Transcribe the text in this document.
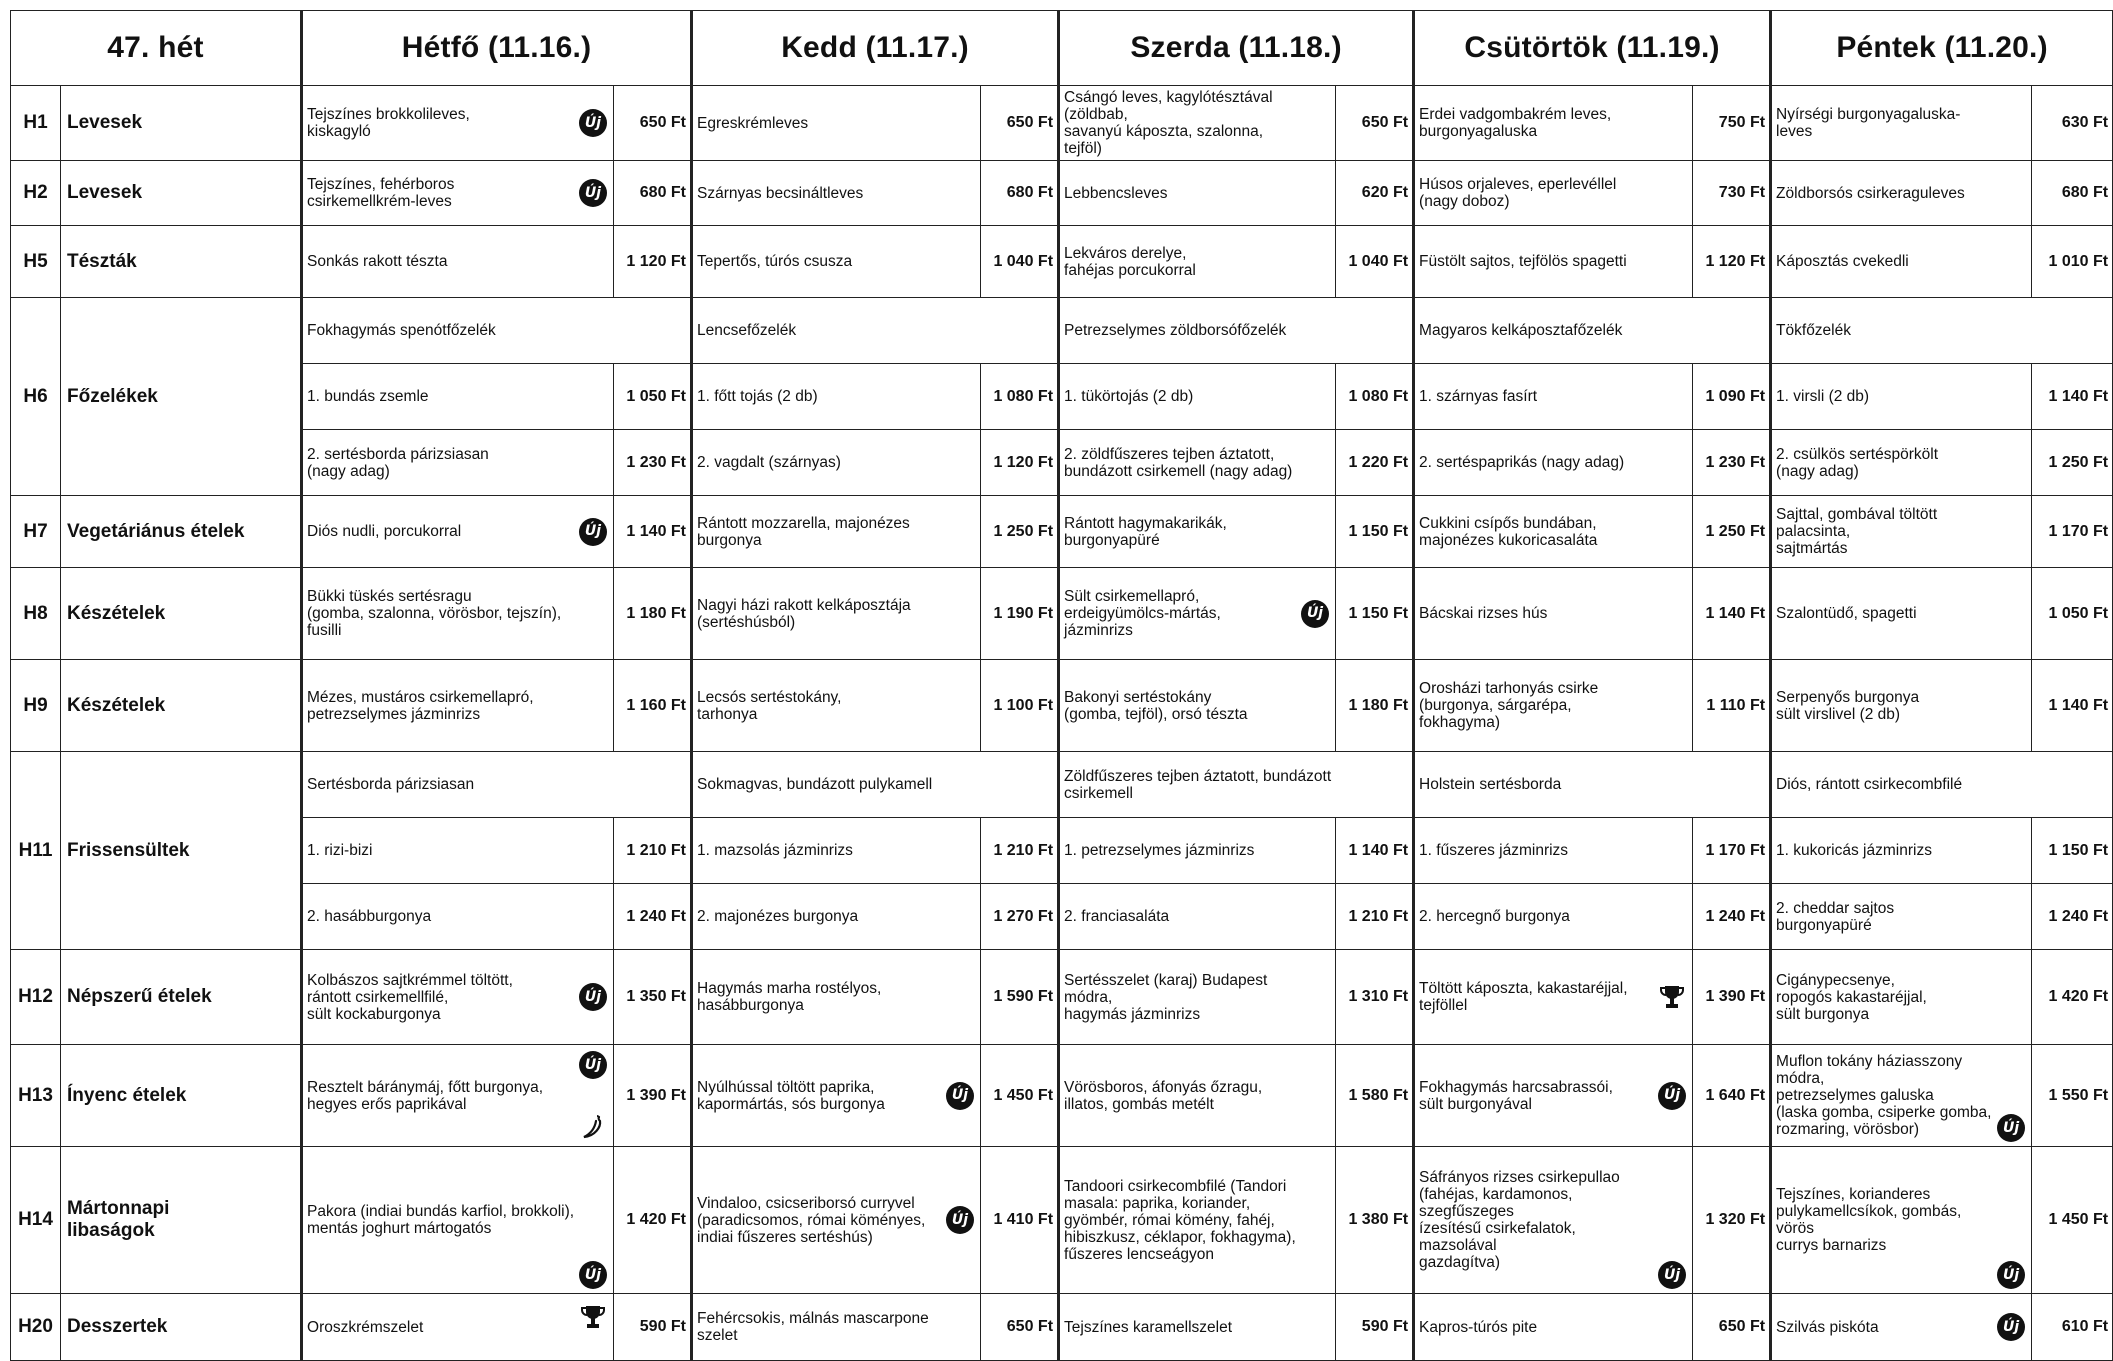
47. hét		Hétfő (11.16.)		Kedd (11.17.)		Szerda (11.18.)		Csütörtök (11.19.)		Péntek (11.20.)	
H1	Levesek	Tejszínes brokkolileves,
kiskagyló
Új	650 Ft	Egreskrémleves	650 Ft	Csángó leves, kagylótésztával (zöldbab,
savanyú káposzta, szalonna, tejföl)	650 Ft	Erdei vadgombakrém leves,
burgonyagaluska	750 Ft	Nyírségi burgonyagaluska-leves	630 Ft
H2	Levesek	Tejszínes, fehérboros
csirkemellkrém-leves
Új	680 Ft	Szárnyas becsináltleves	680 Ft	Lebbencsleves	620 Ft	Húsos orjaleves, eperlevéllel
(nagy doboz)	730 Ft	Zöldborsós csirkeraguleves	680 Ft
H5	Tészták	Sonkás rakott tészta	1 120 Ft	Tepertős, túrós csusza	1 040 Ft	Lekváros derelye,
fahéjas porcukorral	1 040 Ft	Füstölt sajtos, tejfölös spagetti	1 120 Ft	Káposztás cvekedli	1 010 Ft
H6	Főzelékek	Fokhagymás spenótfőzelék		Lencsefőzelék		Petrezselymes zöldborsófőzelék		Magyaros kelkáposztafőzelék		Tökfőzelék	

		1. bundás zsemle	1 050 Ft	1. főtt tojás (2 db)	1 080 Ft	1. tükörtojás (2 db)	1 080 Ft	1. szárnyas fasírt	1 090 Ft	1. virsli (2 db)	1 140 Ft

		2. sertésborda párizsiasan
(nagy adag)	1 230 Ft	2. vagdalt (szárnyas)	1 120 Ft	2. zöldfűszeres tejben áztatott,
bundázott csirkemell (nagy adag)	1 220 Ft	2. sertéspaprikás (nagy adag)	1 230 Ft	2. csülkös sertéspörkölt
(nagy adag)	1 250 Ft
H7	Vegetáriánus ételek	Diós nudli, porcukorral Új	1 140 Ft	Rántott mozzarella, majonézes
burgonya	1 250 Ft	Rántott hagymakarikák,
burgonyapüré	1 150 Ft	Cukkini csípős bundában,
majonézes kukoricasaláta	1 250 Ft	Sajttal, gombával töltött palacsinta,
sajtmártás	1 170 Ft
H8	Készételek	Bükki tüskés sertésragu
(gomba, szalonna, vörösbor, tejszín), fusilli	1 180 Ft	Nagyi házi rakott kelkáposztája
(sertéshúsból)	1 190 Ft	Sült csirkemellapró,
erdeigyümölcs-mártás,
jázminrizs
Új	1 150 Ft	Bácskai rizses hús	1 140 Ft	Szalontüdő, spagetti	1 050 Ft
H9	Készételek	Mézes, mustáros csirkemellapró,
petrezselymes jázminrizs	1 160 Ft	Lecsós sertéstokány,
tarhonya	1 100 Ft	Bakonyi sertéstokány
(gomba, tejföl), orsó tészta	1 180 Ft	Orosházi tarhonyás csirke
(burgonya, sárgarépa, fokhagyma)	1 110 Ft	Serpenyős burgonya
sült virslivel (2 db)	1 140 Ft
H11	Frissensültek	Sertésborda párizsiasan		Sokmagvas, bundázott pulykamell		Zöldfűszeres tejben áztatott, bundázott
csirkemell		Holstein sertésborda		Diós, rántott csirkecombfilé	

		1. rizi-bizi	1 210 Ft	1. mazsolás jázminrizs	1 210 Ft	1. petrezselymes jázminrizs	1 140 Ft	1. fűszeres jázminrizs	1 170 Ft	1. kukoricás jázminrizs	1 150 Ft

		2. hasábburgonya	1 240 Ft	2. majonézes burgonya	1 270 Ft	2. franciasaláta	1 210 Ft	2. hercegnő burgonya	1 240 Ft	2. cheddar sajtos burgonyapüré	1 240 Ft
H12	Népszerű ételek	Kolbászos sajtkrémmel töltött,
rántott csirkemellfilé,
sült kockaburgonya
Új	1 350 Ft	Hagymás marha rostélyos,
hasábburgonya	1 590 Ft	Sertésszelet (karaj) Budapest módra,
hagymás jázminrizs	1 310 Ft	Töltött káposzta, kakastaréjjal,
tejföllel	1 390 Ft	Cigánypecsenye,
ropogós kakastaréjjal,
sült burgonya	1 420 Ft
H13	Ínyenc ételek	Resztelt báránymáj, főtt burgonya,
hegyes erős paprikával
Új	1 390 Ft	Nyúlhússal töltött paprika,
kapormártás, sós burgonya
Új	1 450 Ft	Vörösboros, áfonyás őzragu,
illatos, gombás metélt	1 580 Ft	Fokhagymás harcsabrassói,
sült burgonyával
Új	1 640 Ft	Muflon tokány háziasszony módra,
petrezselymes galuska
(laska gomba, csiperke gomba,
rozmaring, vörösbor) Új	1 550 Ft
H14	Mártonnapi
libaságok	Pakora (indiai bundás karfiol, brokkoli),
mentás joghurt mártogatós
Új	1 420 Ft	Vindaloo, csicseriborsó curryvel
(paradicsomos, római köményes,
indiai fűszeres sertéshús)
Új	1 410 Ft	Tandoori csirkecombfilé (Tandori
masala: paprika, koriander,
gyömbér, római kömény, fahéj,
hibiszkusz, céklapor, fokhagyma),
fűszeres lencseágyon	1 380 Ft	Sáfrányos rizses csirkepullao
(fahéjas, kardamonos, szegfűszeges
ízesítésű csirkefalatok, mazsolával
gazdagítva)
Új	1 320 Ft	Tejszínes, korianderes
pulykamellcsíkok, gombás, vörös
currys barnarizs
Új	1 450 Ft
H20	Desszertek	Oroszkrémszelet	590 Ft	Fehércsokis, málnás mascarpone szelet	650 Ft	Tejszínes karamellszelet	590 Ft	Kapros-túrós pite	650 Ft	Szilvás piskóta Új	610 Ft
